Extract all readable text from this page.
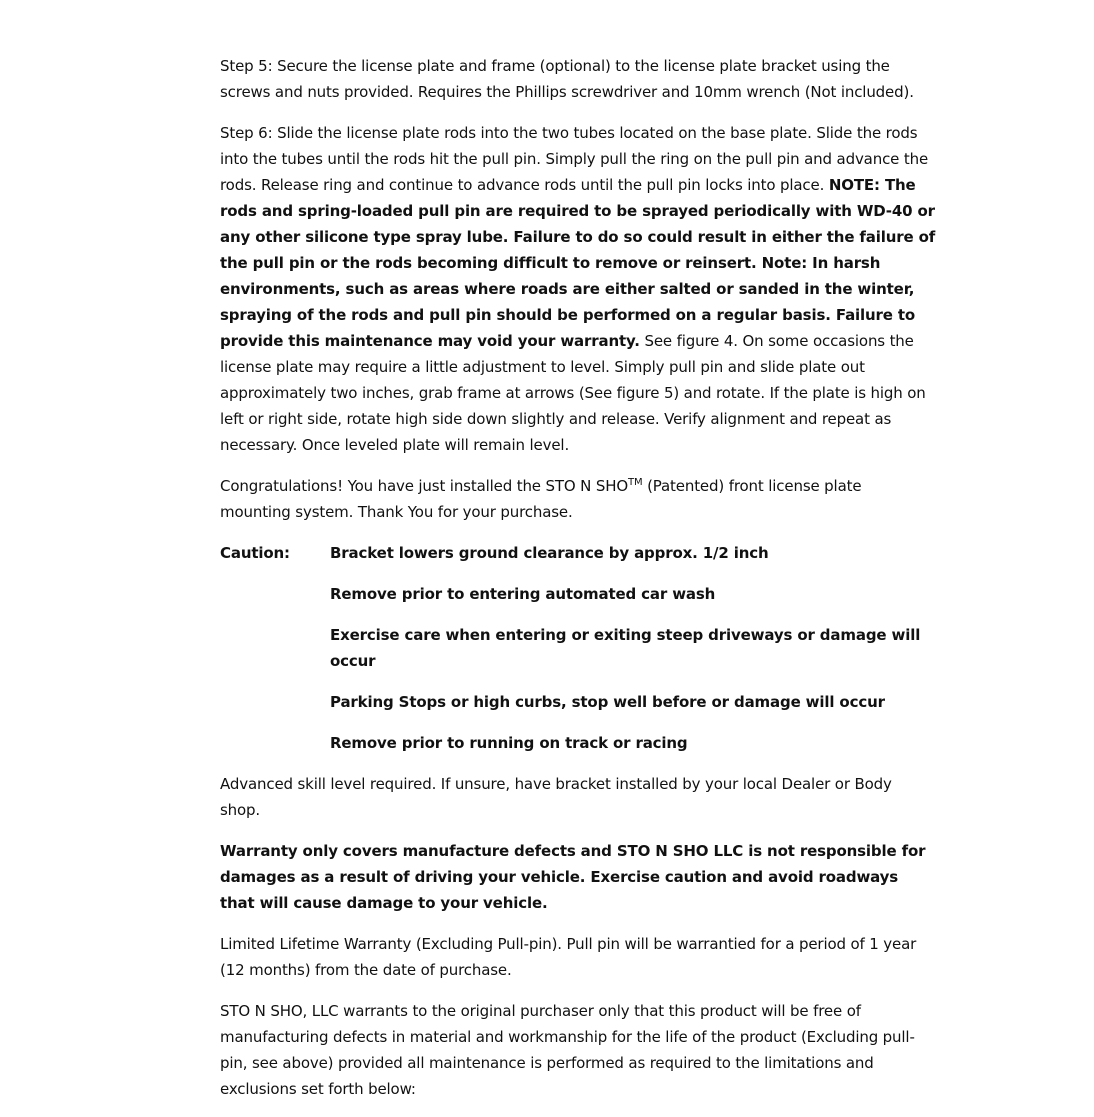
Step 5: Secure the license plate and frame (optional) to the license plate bracket using the screws and nuts provided. Requires the Phillips screwdriver and 10mm wrench (Not included).

Step 6: Slide the license plate rods into the two tubes located on the base plate. Slide the rods into the tubes until the rods hit the pull pin. Simply pull the ring on the pull pin and advance the rods. Release ring and continue to advance rods until the pull pin locks into place. NOTE: The rods and spring-loaded pull pin are required to be sprayed periodically with WD-40 or any other silicone type spray lube. Failure to do so could result in either the failure of the pull pin or the rods becoming difficult to remove or reinsert. Note: In harsh environments, such as areas where roads are either salted or sanded in the winter, spraying of the rods and pull pin should be performed on a regular basis. Failure to provide this maintenance may void your warranty. See figure 4. On some occasions the license plate may require a little adjustment to level. Simply pull pin and slide plate out approximately two inches, grab frame at arrows (See figure 5) and rotate. If the plate is high on left or right side, rotate high side down slightly and release. Verify alignment and repeat as necessary. Once leveled plate will remain level.

Congratulations! You have just installed the STO N SHO™ (Patented) front license plate mounting system. Thank You for your purchase.

Caution:	Bracket lowers ground clearance by approx. 1/2 inch
Remove prior to entering automated car wash
Exercise care when entering or exiting steep driveways or damage will occur
Parking Stops or high curbs, stop well before or damage will occur
Remove prior to running on track or racing

Advanced skill level required. If unsure, have bracket installed by your local Dealer or Body shop.

Warranty only covers manufacture defects and STO N SHO LLC is not responsible for damages as a result of driving your vehicle. Exercise caution and avoid roadways that will cause damage to your vehicle.

Limited Lifetime Warranty (Excluding Pull-pin). Pull pin will be warrantied for a period of 1 year (12 months) from the date of purchase.

STO N SHO, LLC warrants to the original purchaser only that this product will be free of manufacturing defects in material and workmanship for the life of the product (Excluding pull-pin, see above) provided all maintenance is performed as required to the limitations and exclusions set forth below:
